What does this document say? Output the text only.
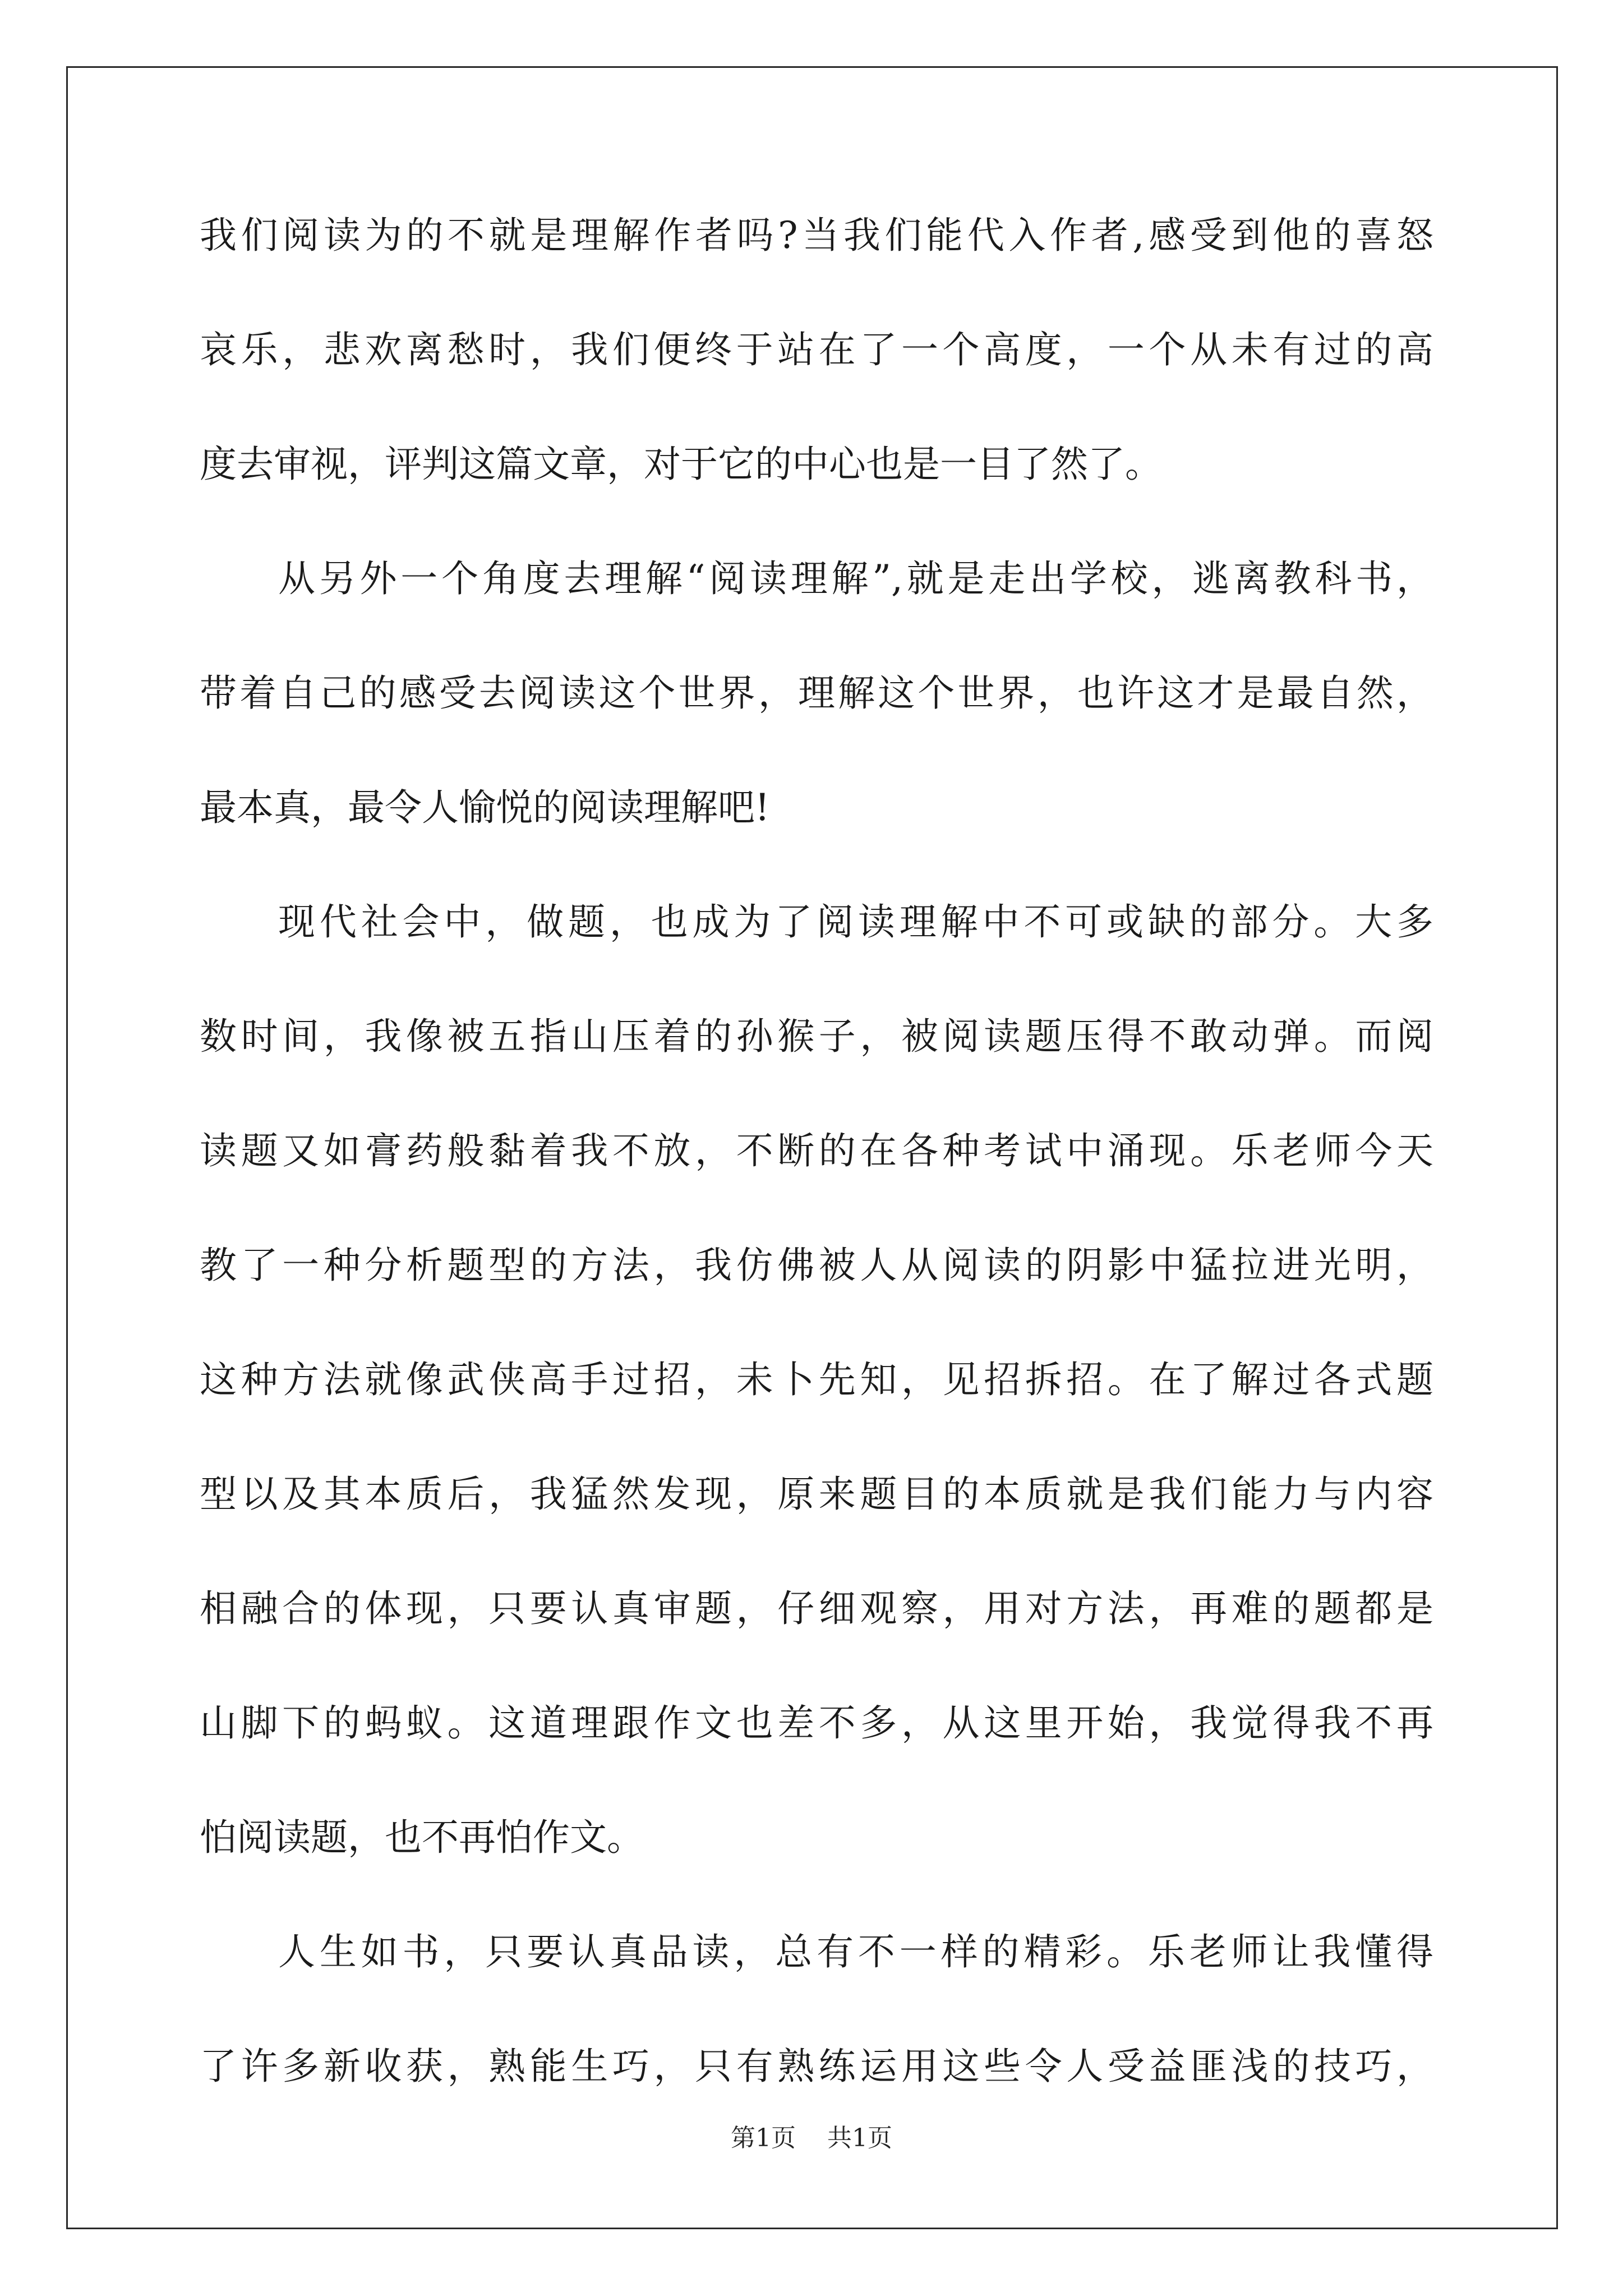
我们阅读为的不就是理解作者吗?当我们能代入作者,感受到他的喜怒
哀乐，悲欢离愁时，我们便终于站在了一个高度，一个从未有过的高
度去审视，评判这篇文章，对于它的中心也是一目了然了。
从另外一个角度去理解“阅读理解”,就是走出学校，逃离教科书，
带着自己的感受去阅读这个世界，理解这个世界，也许这才是最自然，
最本真，最令人愉悦的阅读理解吧!
现代社会中，做题，也成为了阅读理解中不可或缺的部分。大多
数时间，我像被五指山压着的孙猴子，被阅读题压得不敢动弹。而阅
读题又如膏药般黏着我不放，不断的在各种考试中涌现。乐老师今天
教了一种分析题型的方法，我仿佛被人从阅读的阴影中猛拉进光明，
这种方法就像武侠高手过招，未卜先知，见招拆招。在了解过各式题
型以及其本质后，我猛然发现，原来题目的本质就是我们能力与内容
相融合的体现，只要认真审题，仔细观察，用对方法，再难的题都是
山脚下的蚂蚁。这道理跟作文也差不多，从这里开始，我觉得我不再
怕阅读题，也不再怕作文。
人生如书，只要认真品读，总有不一样的精彩。乐老师让我懂得
了许多新收获，熟能生巧，只有熟练运用这些令人受益匪浅的技巧，
第1页 共1页
